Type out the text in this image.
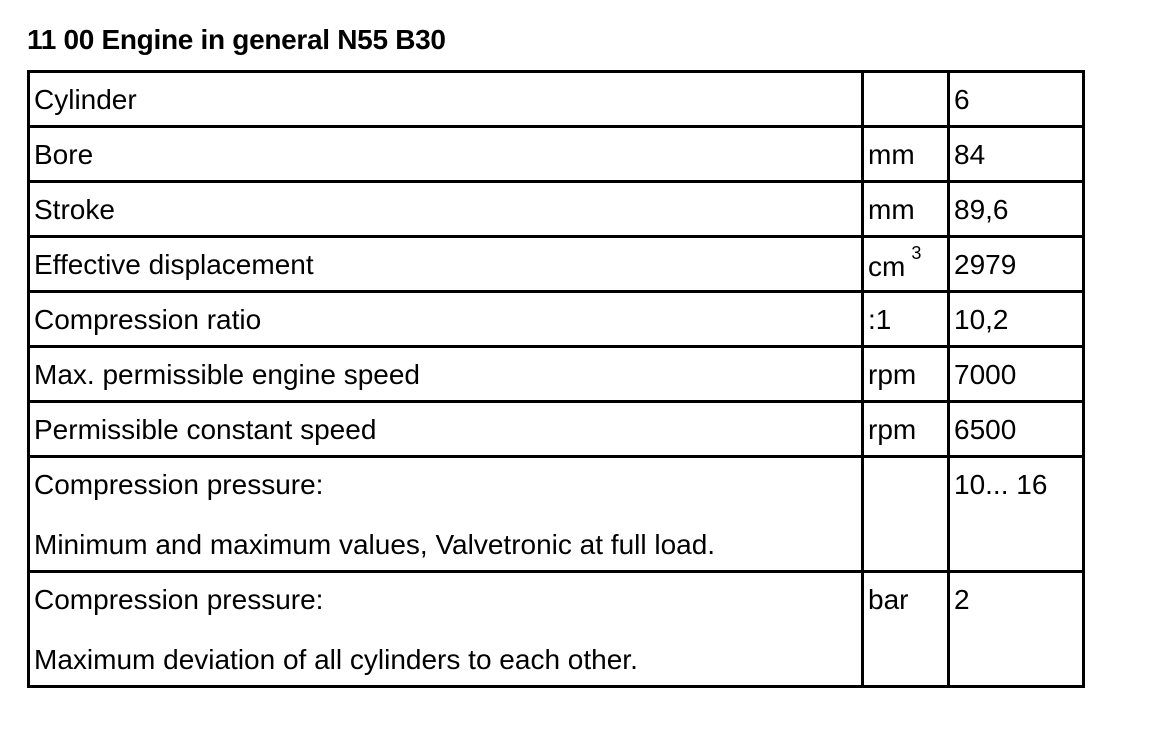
11 00 Engine in general N55 B30
Cylinder		6
Bore	mm	84
Stroke	mm	89,6
Effective displacement	cm $^3$	2979
Compression ratio	:1	10,2
Max. permissible engine speed	rpm	7000
Permissible constant speed	rpm	6500
Compression pressure:
Minimum and maximum values, Valvetronic at full load.		10... 16
Compression pressure:
Maximum deviation of all cylinders to each other.	bar	2
